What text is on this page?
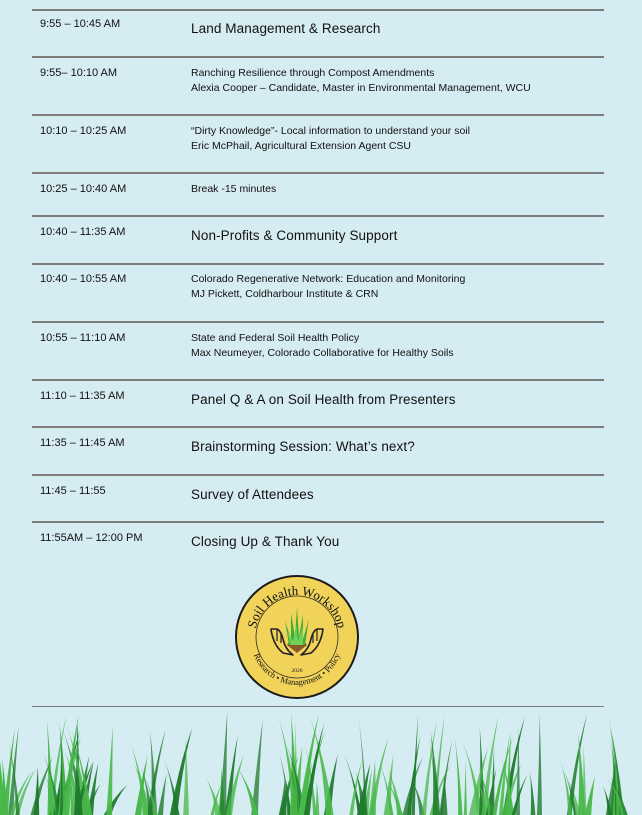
9:55 – 10:45 AM	Land Management & Research
9:55– 10:10 AM	Ranching Resilience through Compost Amendments
Alexia Cooper – Candidate, Master in Environmental Management, WCU
10:10 – 10:25 AM	“Dirty Knowledge”- Local information to understand your soil
Eric McPhail, Agricultural Extension Agent CSU
10:25 – 10:40 AM	Break -15 minutes
10:40 – 11:35 AM	Non-Profits & Community Support
10:40 – 10:55 AM	Colorado Regenerative Network: Education and Monitoring
MJ Pickett, Coldharbour Institute & CRN
10:55 – 11:10 AM	State and Federal Soil Health Policy
Max Neumeyer, Colorado Collaborative for Healthy Soils
11:10 – 11:35 AM	Panel Q & A on Soil Health from Presenters
11:35 – 11:45 AM	Brainstorming Session: What’s next?
11:45 – 11:55	Survey of Attendees
11:55AM – 12:00 PM	Closing Up & Thank You
Soil Health Workshop
Research • Management • Policy
2020
